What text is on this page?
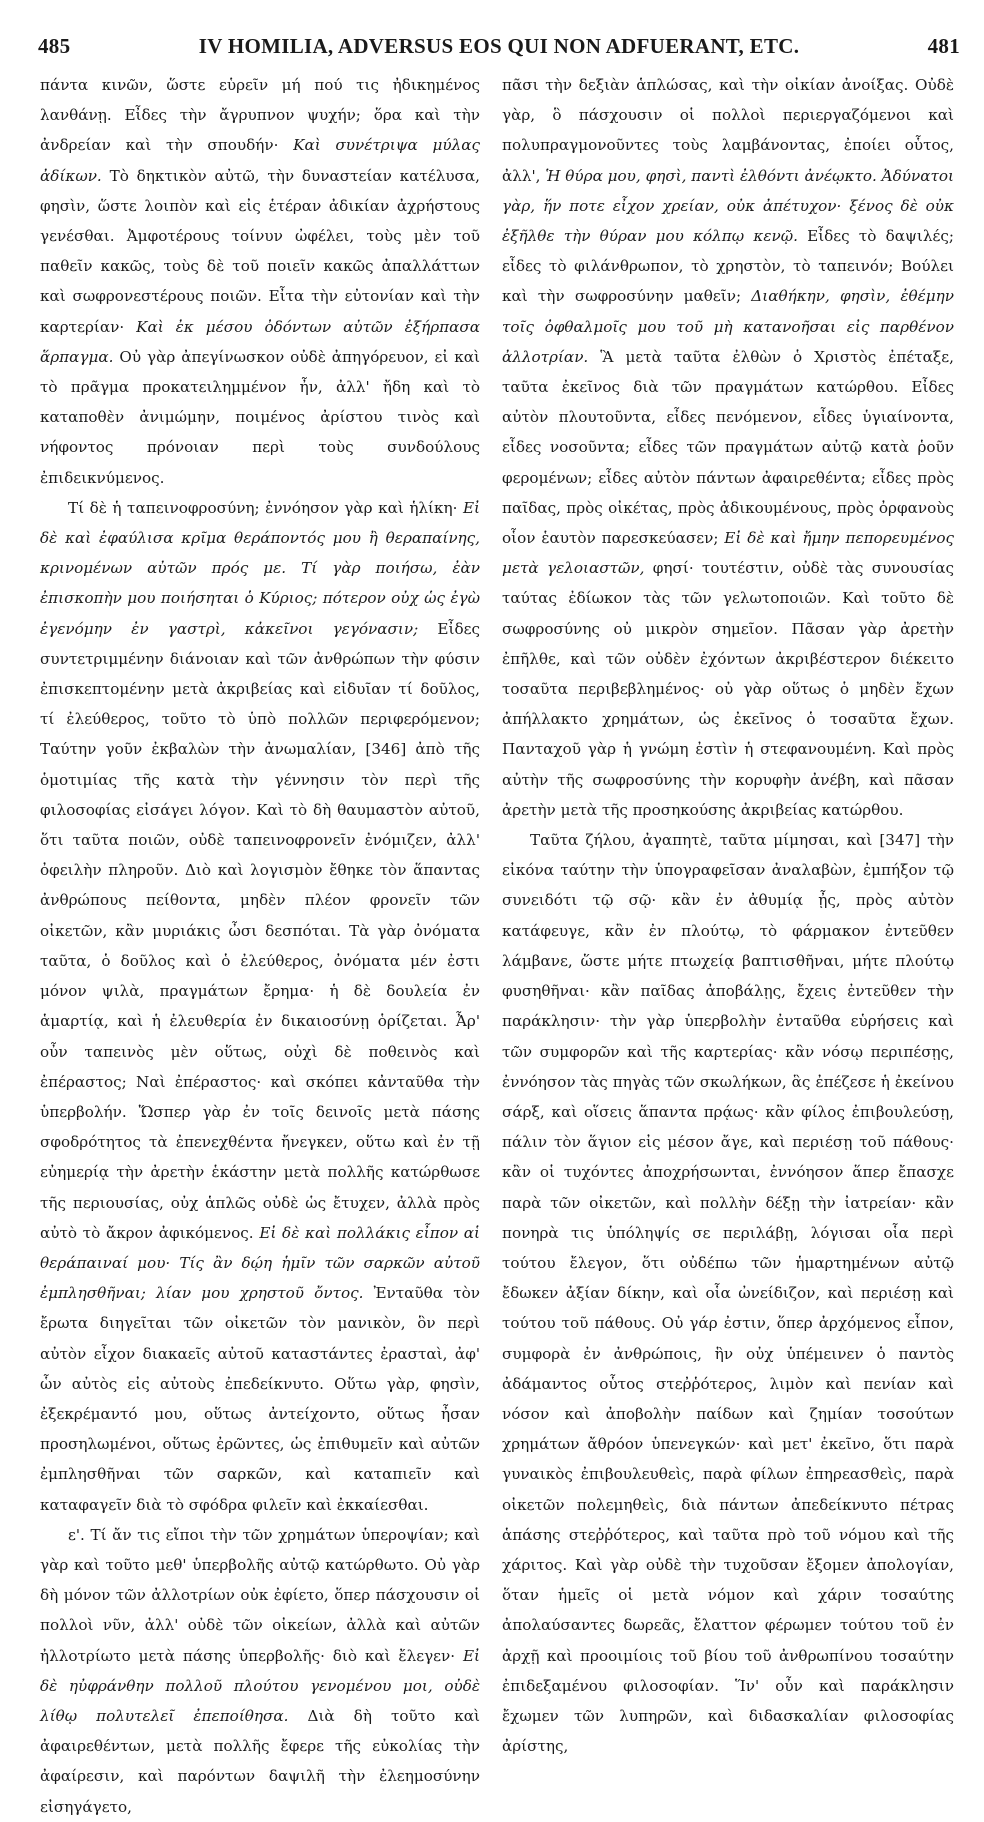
485	IV HOMILIA, ADVERSUS EOS QUI NON ADFUERANT, ETC.	481

πάντα κινῶν, ὥστε εὑρεῖν μή πού τις ἠδικημένος λανθάνῃ. Εἶδες τὴν ἄγρυπνον ψυχήν; ὅρα καὶ τὴν ἀνδρείαν καὶ τὴν σπουδήν· Καὶ συνέτριψα μύλας ἀδίκων. Τὸ δηκτικὸν αὐτῶ, τὴν δυναστείαν κατέλυσα, φησὶν, ὥστε λοιπὸν καὶ εἰς ἑτέραν ἀδικίαν ἀχρήστους γενέσθαι. Ἀμφοτέρους τοίνυν ὠφέλει, τοὺς μὲν τοῦ παθεῖν κακῶς, τοὺς δὲ τοῦ ποιεῖν κακῶς ἀπαλλάττων καὶ σωφρονεστέρους ποιῶν. Εἶτα τὴν εὐτονίαν καὶ τὴν καρτερίαν· Καὶ ἐκ μέσου ὀδόντων αὐτῶν ἐξήρπασα ἅρπαγμα. Οὐ γὰρ ἀπεγίνωσκον οὐδὲ ἀπηγόρευον, εἰ καὶ τὸ πρᾶγμα προκατειλημμένον ἦν, ἀλλ' ἤδη καὶ τὸ καταποθὲν ἀνιμώμην, ποιμένος ἀρίστου τινὸς καὶ νήφοντος πρόνοιαν περὶ τοὺς συνδούλους ἐπιδεικνύμενος.

Τί δὲ ἡ ταπεινοφροσύνη; ἐννόησον γὰρ καὶ ἡλίκη· Εἰ δὲ καὶ ἐφαύλισα κρῖμα θεράποντός μου ἢ θεραπαίνης, κρινομένων αὐτῶν πρός με. Τί γὰρ ποιήσω, ἐὰν ἐπισκοπὴν μου ποιήσηται ὁ Κύριος; πότερον οὐχ ὡς ἐγὼ ἐγενόμην ἐν γαστρὶ, κἀκεῖνοι γεγόνασιν; Εἶδες συντετριμμένην διάνοιαν καὶ τῶν ἀνθρώπων τὴν φύσιν ἐπισκεπτομένην μετὰ ἀκριβείας καὶ εἰδυῖαν τί δοῦλος, τί ἐλεύθερος, τοῦτο τὸ ὑπὸ πολλῶν περιφερόμενον; Ταύτην γοῦν ἐκβαλὼν τὴν ἀνωμαλίαν, [346] ἀπὸ τῆς ὁμοτιμίας τῆς κατὰ τὴν γέννησιν τὸν περὶ τῆς φιλοσοφίας εἰσάγει λόγον. Καὶ τὸ δὴ θαυμαστὸν αὐτοῦ, ὅτι ταῦτα ποιῶν, οὐδὲ ταπεινοφρονεῖν ἐνόμιζεν, ἀλλ' ὀφειλὴν πληροῦν. Διὸ καὶ λογισμὸν ἔθηκε τὸν ἅπαντας ἀνθρώπους πείθοντα, μηδὲν πλέον φρονεῖν τῶν οἰκετῶν, κἂν μυριάκις ὦσι δεσπόται. Τὰ γὰρ ὀνόματα ταῦτα, ὁ δοῦλος καὶ ὁ ἐλεύθερος, ὀνόματα μέν ἐστι μόνον ψιλὰ, πραγμάτων ἔρημα· ἡ δὲ δουλεία ἐν ἁμαρτίᾳ, καὶ ἡ ἐλευθερία ἐν δικαιοσύνῃ ὁρίζεται. Ἆρ' οὖν ταπεινὸς μὲν οὕτως, οὐχὶ δὲ ποθεινὸς καὶ ἐπέραστος; Ναὶ ἐπέραστος· καὶ σκόπει κἀνταῦθα τὴν ὑπερβολήν. Ὥσπερ γὰρ ἐν τοῖς δεινοῖς μετὰ πάσης σφοδρότητος τὰ ἐπενεχθέντα ἤνεγκεν, οὕτω καὶ ἐν τῇ εὐημερίᾳ τὴν ἀρετὴν ἑκάστην μετὰ πολλῆς κατώρθωσε τῆς περιουσίας, οὐχ ἁπλῶς οὐδὲ ὡς ἔτυχεν, ἀλλὰ πρὸς αὐτὸ τὸ ἄκρον ἀφικόμενος. Εἰ δὲ καὶ πολλάκις εἶπον αἱ θεράπαιναί μου· Τίς ἂν δῴη ἡμῖν τῶν σαρκῶν αὐτοῦ ἐμπλησθῆναι; λίαν μου χρηστοῦ ὄντος. Ἐνταῦθα τὸν ἔρωτα διηγεῖται τῶν οἰκετῶν τὸν μανικὸν, ὃν περὶ αὐτὸν εἶχον διακαεῖς αὐτοῦ καταστάντες ἐρασταὶ, ἀφ' ὧν αὐτὸς εἰς αὐτοὺς ἐπεδείκνυτο. Οὕτω γὰρ, φησὶν, ἐξεκρέμαντό μου, οὕτως ἀντείχοντο, οὕτως ἦσαν προσηλωμένοι, οὕτως ἐρῶντες, ὡς ἐπιθυμεῖν καὶ αὐτῶν ἐμπλησθῆναι τῶν σαρκῶν, καὶ καταπιεῖν καὶ καταφαγεῖν διὰ τὸ σφόδρα φιλεῖν καὶ ἐκκαίεσθαι.

ε'. Τί ἄν τις εἴποι τὴν τῶν χρημάτων ὑπεροψίαν; καὶ γὰρ καὶ τοῦτο μεθ' ὑπερβολῆς αὐτῷ κατώρθωτο. Οὐ γὰρ δὴ μόνον τῶν ἀλλοτρίων οὐκ ἐφίετο, ὅπερ πάσχουσιν οἱ πολλοὶ νῦν, ἀλλ' οὐδὲ τῶν οἰκείων, ἀλλὰ καὶ αὐτῶν ἠλλοτρίωτο μετὰ πάσης ὑπερβολῆς· διὸ καὶ ἔλεγεν· Εἰ δὲ ηὐφράνθην πολλοῦ πλούτου γενομένου μοι, οὐδὲ λίθῳ πολυτελεῖ ἐπεποίθησα. Διὰ δὴ τοῦτο καὶ ἀφαιρεθέντων, μετὰ πολλῆς ἔφερε τῆς εὐκολίας τὴν ἀφαίρεσιν, καὶ παρόντων δαψιλῆ τὴν ἐλεημοσύνην εἰσηγάγετο,

πᾶσι τὴν δεξιὰν ἁπλώσας, καὶ τὴν οἰκίαν ἀνοίξας. Οὐδὲ γὰρ, ὃ πάσχουσιν οἱ πολλοὶ περιεργαζόμενοι καὶ πολυπραγμονοῦντες τοὺς λαμβάνοντας, ἐποίει οὗτος, ἀλλ', Ἡ θύρα μου, φησὶ, παντὶ ἐλθόντι ἀνέῳκτο. Ἀδύνατοι γὰρ, ἥν ποτε εἶχον χρείαν, οὐκ ἀπέτυχον· ξένος δὲ οὐκ ἐξῆλθε τὴν θύραν μου κόλπῳ κενῷ. Εἶδες τὸ δαψιλές; εἶδες τὸ φιλάνθρωπον, τὸ χρηστὸν, τὸ ταπεινόν; Βούλει καὶ τὴν σωφροσύνην μαθεῖν; Διαθήκην, φησὶν, ἐθέμην τοῖς ὀφθαλμοῖς μου τοῦ μὴ κατανοῆσαι εἰς παρθένον ἀλλοτρίαν. Ἃ μετὰ ταῦτα ἐλθὼν ὁ Χριστὸς ἐπέταξε, ταῦτα ἐκεῖνος διὰ τῶν πραγμάτων κατώρθου. Εἶδες αὐτὸν πλουτοῦντα, εἶδες πενόμενον, εἶδες ὑγιαίνοντα, εἶδες νοσοῦντα; εἶδες τῶν πραγμάτων αὐτῷ κατὰ ῥοῦν φερομένων; εἶδες αὐτὸν πάντων ἀφαιρεθέντα; εἶδες πρὸς παῖδας, πρὸς οἰκέτας, πρὸς ἀδικουμένους, πρὸς ὀρφανοὺς οἷον ἑαυτὸν παρεσκεύασεν; Εἰ δὲ καὶ ἤμην πεπορευμένος μετὰ γελοιαστῶν, φησί· τουτέστιν, οὐδὲ τὰς συνουσίας ταύτας ἐδίωκον τὰς τῶν γελωτοποιῶν. Καὶ τοῦτο δὲ σωφροσύνης οὐ μικρὸν σημεῖον. Πᾶσαν γὰρ ἀρετὴν ἐπῆλθε, καὶ τῶν οὐδὲν ἐχόντων ἀκριβέστερον διέκειτο τοσαῦτα περιβεβλημένος· οὐ γὰρ οὕτως ὁ μηδὲν ἔχων ἀπήλλακτο χρημάτων, ὡς ἐκεῖνος ὁ τοσαῦτα ἔχων. Πανταχοῦ γὰρ ἡ γνώμη ἐστὶν ἡ στεφανουμένη. Καὶ πρὸς αὐτὴν τῆς σωφροσύνης τὴν κορυφὴν ἀνέβη, καὶ πᾶσαν ἀρετὴν μετὰ τῆς προσηκούσης ἀκριβείας κατώρθου.

Ταῦτα ζήλου, ἀγαπητὲ, ταῦτα μίμησαι, καὶ [347] τὴν εἰκόνα ταύτην τὴν ὑπογραφεῖσαν ἀναλαβὼν, ἐμπήξον τῷ συνειδότι τῷ σῷ· κἂν ἐν ἀθυμίᾳ ᾖς, πρὸς αὐτὸν κατάφευγε, κἂν ἐν πλούτῳ, τὸ φάρμακον ἐντεῦθεν λάμβανε, ὥστε μήτε πτωχείᾳ βαπτισθῆναι, μήτε πλούτῳ φυσηθῆναι· κἂν παῖδας ἀποβάλῃς, ἔχεις ἐντεῦθεν τὴν παράκλησιν· τὴν γὰρ ὑπερβολὴν ἐνταῦθα εὑρήσεις καὶ τῶν συμφορῶν καὶ τῆς καρτερίας· κἂν νόσῳ περιπέσῃς, ἐννόησον τὰς πηγὰς τῶν σκωλήκων, ἃς ἐπέζεσε ἡ ἐκείνου σάρξ, καὶ οἵσεις ἅπαντα πρᾴως· κἂν φίλος ἐπιβουλεύσῃ, πάλιν τὸν ἅγιον εἰς μέσον ἄγε, καὶ περιέσῃ τοῦ πάθους· κἂν οἱ τυχόντες ἀποχρήσωνται, ἐννόησον ἅπερ ἔπασχε παρὰ τῶν οἰκετῶν, καὶ πολλὴν δέξῃ τὴν ἰατρείαν· κἂν πονηρὰ τις ὑπόληψίς σε περιλάβῃ, λόγισαι οἷα περὶ τούτου ἔλεγον, ὅτι οὐδέπω τῶν ἡμαρτημένων αὐτῷ ἔδωκεν ἀξίαν δίκην, καὶ οἷα ὠνείδιζον, καὶ περιέσῃ καὶ τούτου τοῦ πάθους. Οὐ γάρ ἐστιν, ὅπερ ἀρχόμενος εἶπον, συμφορὰ ἐν ἀνθρώποις, ἣν οὐχ ὑπέμεινεν ὁ παντὸς ἀδάμαντος οὗτος στεῤῥότερος, λιμὸν καὶ πενίαν καὶ νόσον καὶ ἀποβολὴν παίδων καὶ ζημίαν τοσούτων χρημάτων ἄθρόον ὑπενεγκών· καὶ μετ' ἐκεῖνο, ὅτι παρὰ γυναικὸς ἐπιβουλευθεὶς, παρὰ φίλων ἐπηρεασθεὶς, παρὰ οἰκετῶν πολεμηθεὶς, διὰ πάντων ἀπεδείκνυτο πέτρας ἁπάσης στεῤῥότερος, καὶ ταῦτα πρὸ τοῦ νόμου καὶ τῆς χάριτος. Καὶ γὰρ οὐδὲ τὴν τυχοῦσαν ἔξομεν ἀπολογίαν, ὅταν ἡμεῖς οἱ μετὰ νόμον καὶ χάριν τοσαύτης ἀπολαύσαντες δωρεᾶς, ἔλαττον φέρωμεν τούτου τοῦ ἐν ἀρχῇ καὶ προοιμίοις τοῦ βίου τοῦ ἀνθρωπίνου τοσαύτην ἐπιδεξαμένου φιλοσοφίαν. Ἵν' οὖν καὶ παράκλησιν ἔχωμεν τῶν λυπηρῶν, καὶ διδασκαλίαν φιλοσοφίας ἀρίστης,
